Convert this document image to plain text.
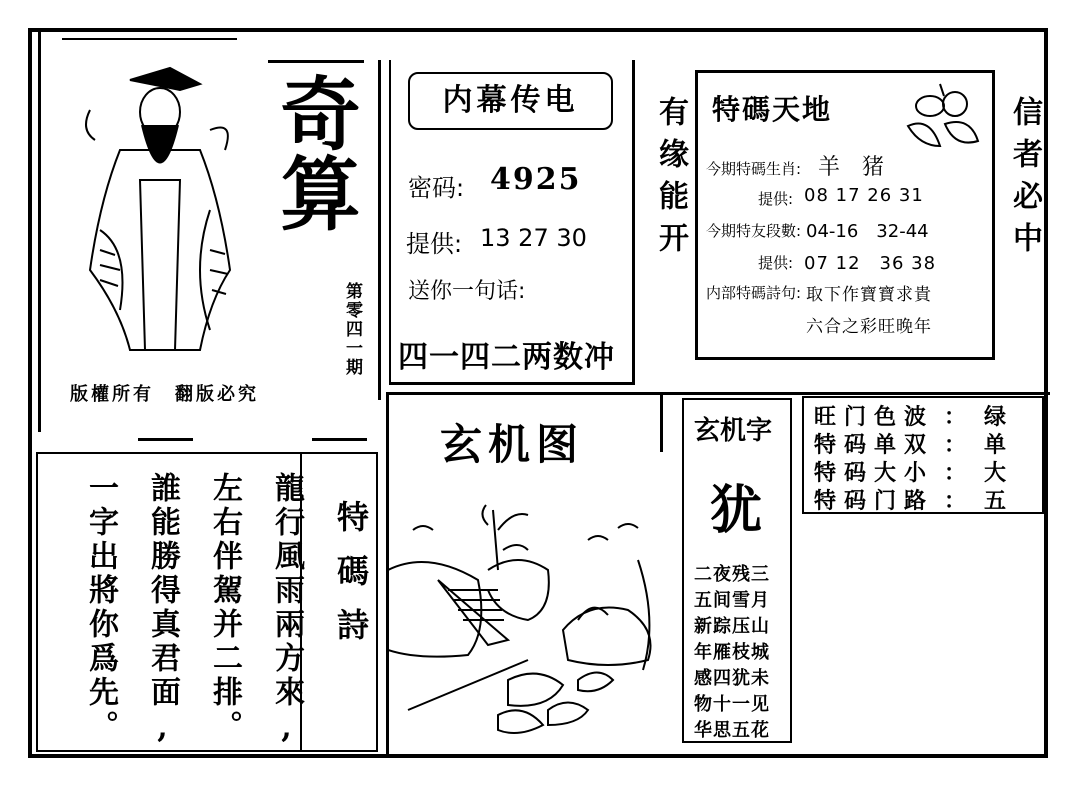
奇算
第零四一期
版權所有　翻版必究
内幕传电
密码: 4925
提供: 13 27 30
送你一句话:
四一四二两数冲
有缘能开	信者必中
特碼天地
今期特碼生肖: 羊　猪
提供: 08 17 26 31
今期特友段數: 04-16　32-44
提供: 07 12　36 38
内部特碼詩句: 取下作寶寶求貴
六合之彩旺晚年
玄机图	玄机字
犹
二夜残三
五间雪月
新踪压山
年雁枝城
感四犹未
物十一见
华思五花
旺门色波 ： 绿
特码单双 ： 单
特码大小 ： 大
特码门路 ： 五
特碼詩
龍行風雨兩方來,
左右伴駕并二排。
誰能勝得真君面,
一字出將你爲先。
